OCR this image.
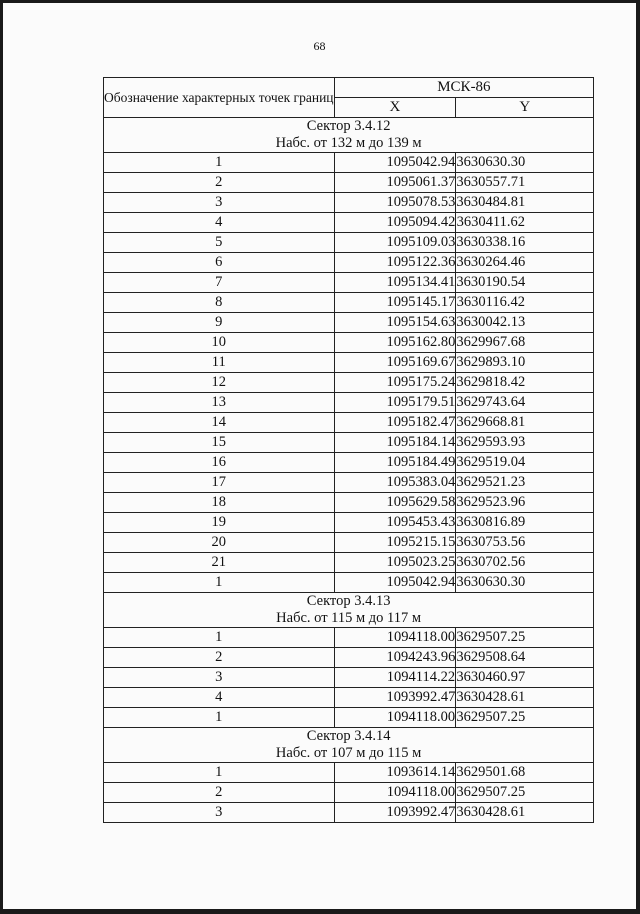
68
Обозначение характерных точек границ	МСК-86	
	X	Y

Сектор 3.4.12
Набс. от 132 м до 139 м		

1	1095042.94	3630630.30
2	1095061.37	3630557.71
3	1095078.53	3630484.81
4	1095094.42	3630411.62
5	1095109.03	3630338.16
6	1095122.36	3630264.46
7	1095134.41	3630190.54
8	1095145.17	3630116.42
9	1095154.63	3630042.13
10	1095162.80	3629967.68
11	1095169.67	3629893.10
12	1095175.24	3629818.42
13	1095179.51	3629743.64
14	1095182.47	3629668.81
15	1095184.14	3629593.93
16	1095184.49	3629519.04
17	1095383.04	3629521.23
18	1095629.58	3629523.96
19	1095453.43	3630816.89
20	1095215.15	3630753.56
21	1095023.25	3630702.56
1	1095042.94	3630630.30

Сектор 3.4.13
Набс. от 115 м до 117 м		

1	1094118.00	3629507.25
2	1094243.96	3629508.64
3	1094114.22	3630460.97
4	1093992.47	3630428.61
1	1094118.00	3629507.25

Сектор 3.4.14
Набс. от 107 м до 115 м		

1	1093614.14	3629501.68
2	1094118.00	3629507.25
3	1093992.47	3630428.61
